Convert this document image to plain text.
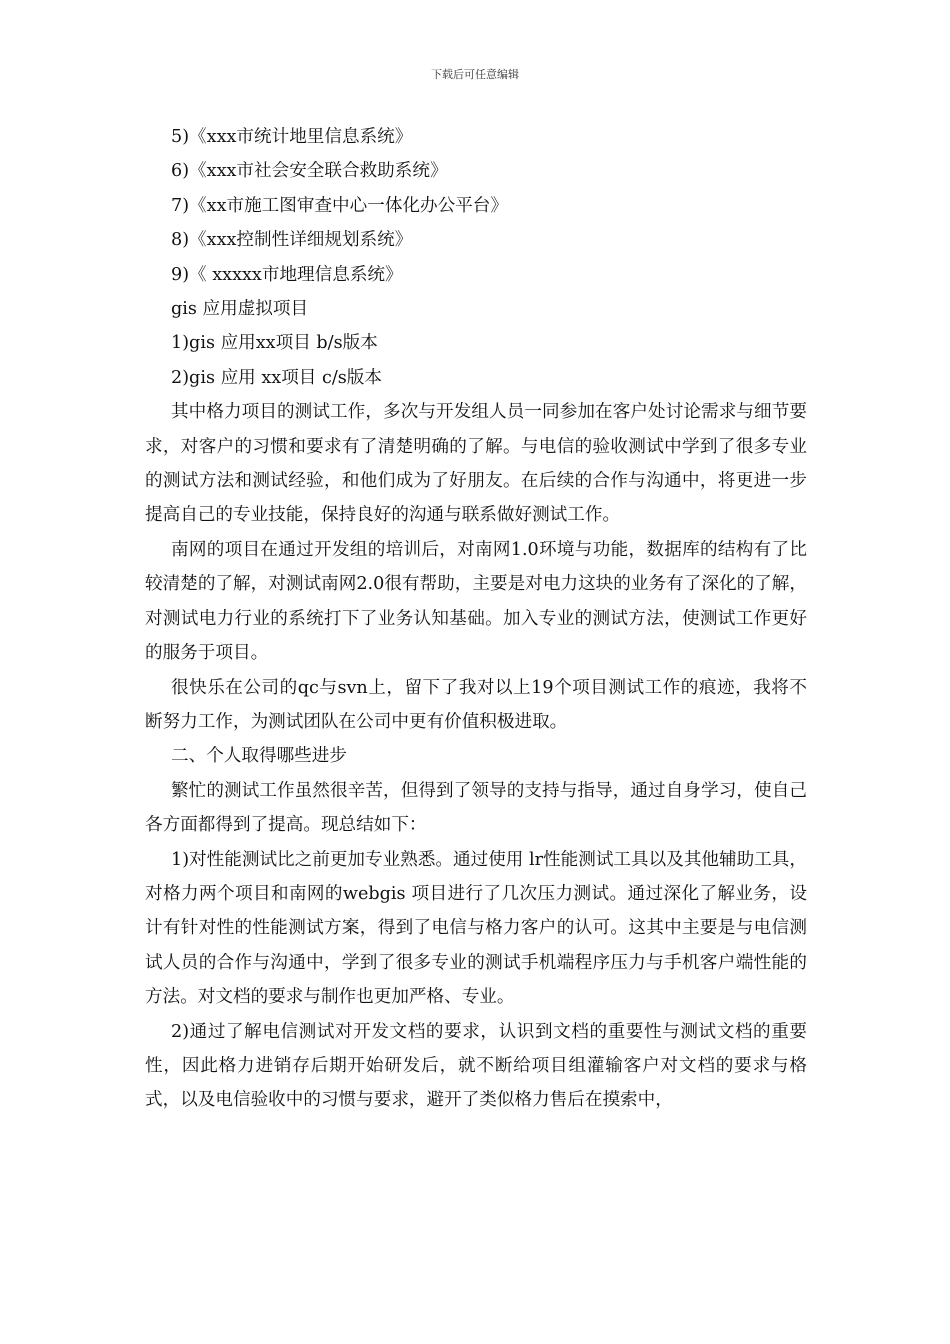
下载后可任意编辑

5)《xxx市统计地里信息系统》

6)《xxx市社会安全联合救助系统》

7)《xx市施工图审查中心一体化办公平台》

8)《xxx控制性详细规划系统》

9)《 xxxxx市地理信息系统》

gis 应用虚拟项目

1)gis 应用xx项目 b/s版本

2)gis 应用 xx项目 c/s版本

其中格力项目的测试工作，多次与开发组人员一同参加在客户处讨论需求与细节要求，对客户的习惯和要求有了清楚明确的了解。与电信的验收测试中学到了很多专业的测试方法和测试经验，和他们成为了好朋友。在后续的合作与沟通中，将更进一步提高自己的专业技能，保持良好的沟通与联系做好测试工作。

南网的项目在通过开发组的培训后，对南网1.0环境与功能，数据库的结构有了比较清楚的了解，对测试南网2.0很有帮助，主要是对电力这块的业务有了深化的了解，对测试电力行业的系统打下了业务认知基础。加入专业的测试方法，使测试工作更好的服务于项目。

很快乐在公司的qc与svn上，留下了我对以上19个项目测试工作的痕迹，我将不断努力工作，为测试团队在公司中更有价值积极进取。

二、个人取得哪些进步

繁忙的测试工作虽然很辛苦，但得到了领导的支持与指导，通过自身学习，使自己各方面都得到了提高。现总结如下：

1)对性能测试比之前更加专业熟悉。通过使用 lr性能测试工具以及其他辅助工具，对格力两个项目和南网的webgis 项目进行了几次压力测试。通过深化了解业务，设计有针对性的性能测试方案，得到了电信与格力客户的认可。这其中主要是与电信测试人员的合作与沟通中，学到了很多专业的测试手机端程序压力与手机客户端性能的方法。对文档的要求与制作也更加严格、专业。

2)通过了解电信测试对开发文档的要求，认识到文档的重要性与测试文档的重要性，因此格力进销存后期开始研发后，就不断给项目组灌输客户对文档的要求与格式，以及电信验收中的习惯与要求，避开了类似格力售后在摸索中，
